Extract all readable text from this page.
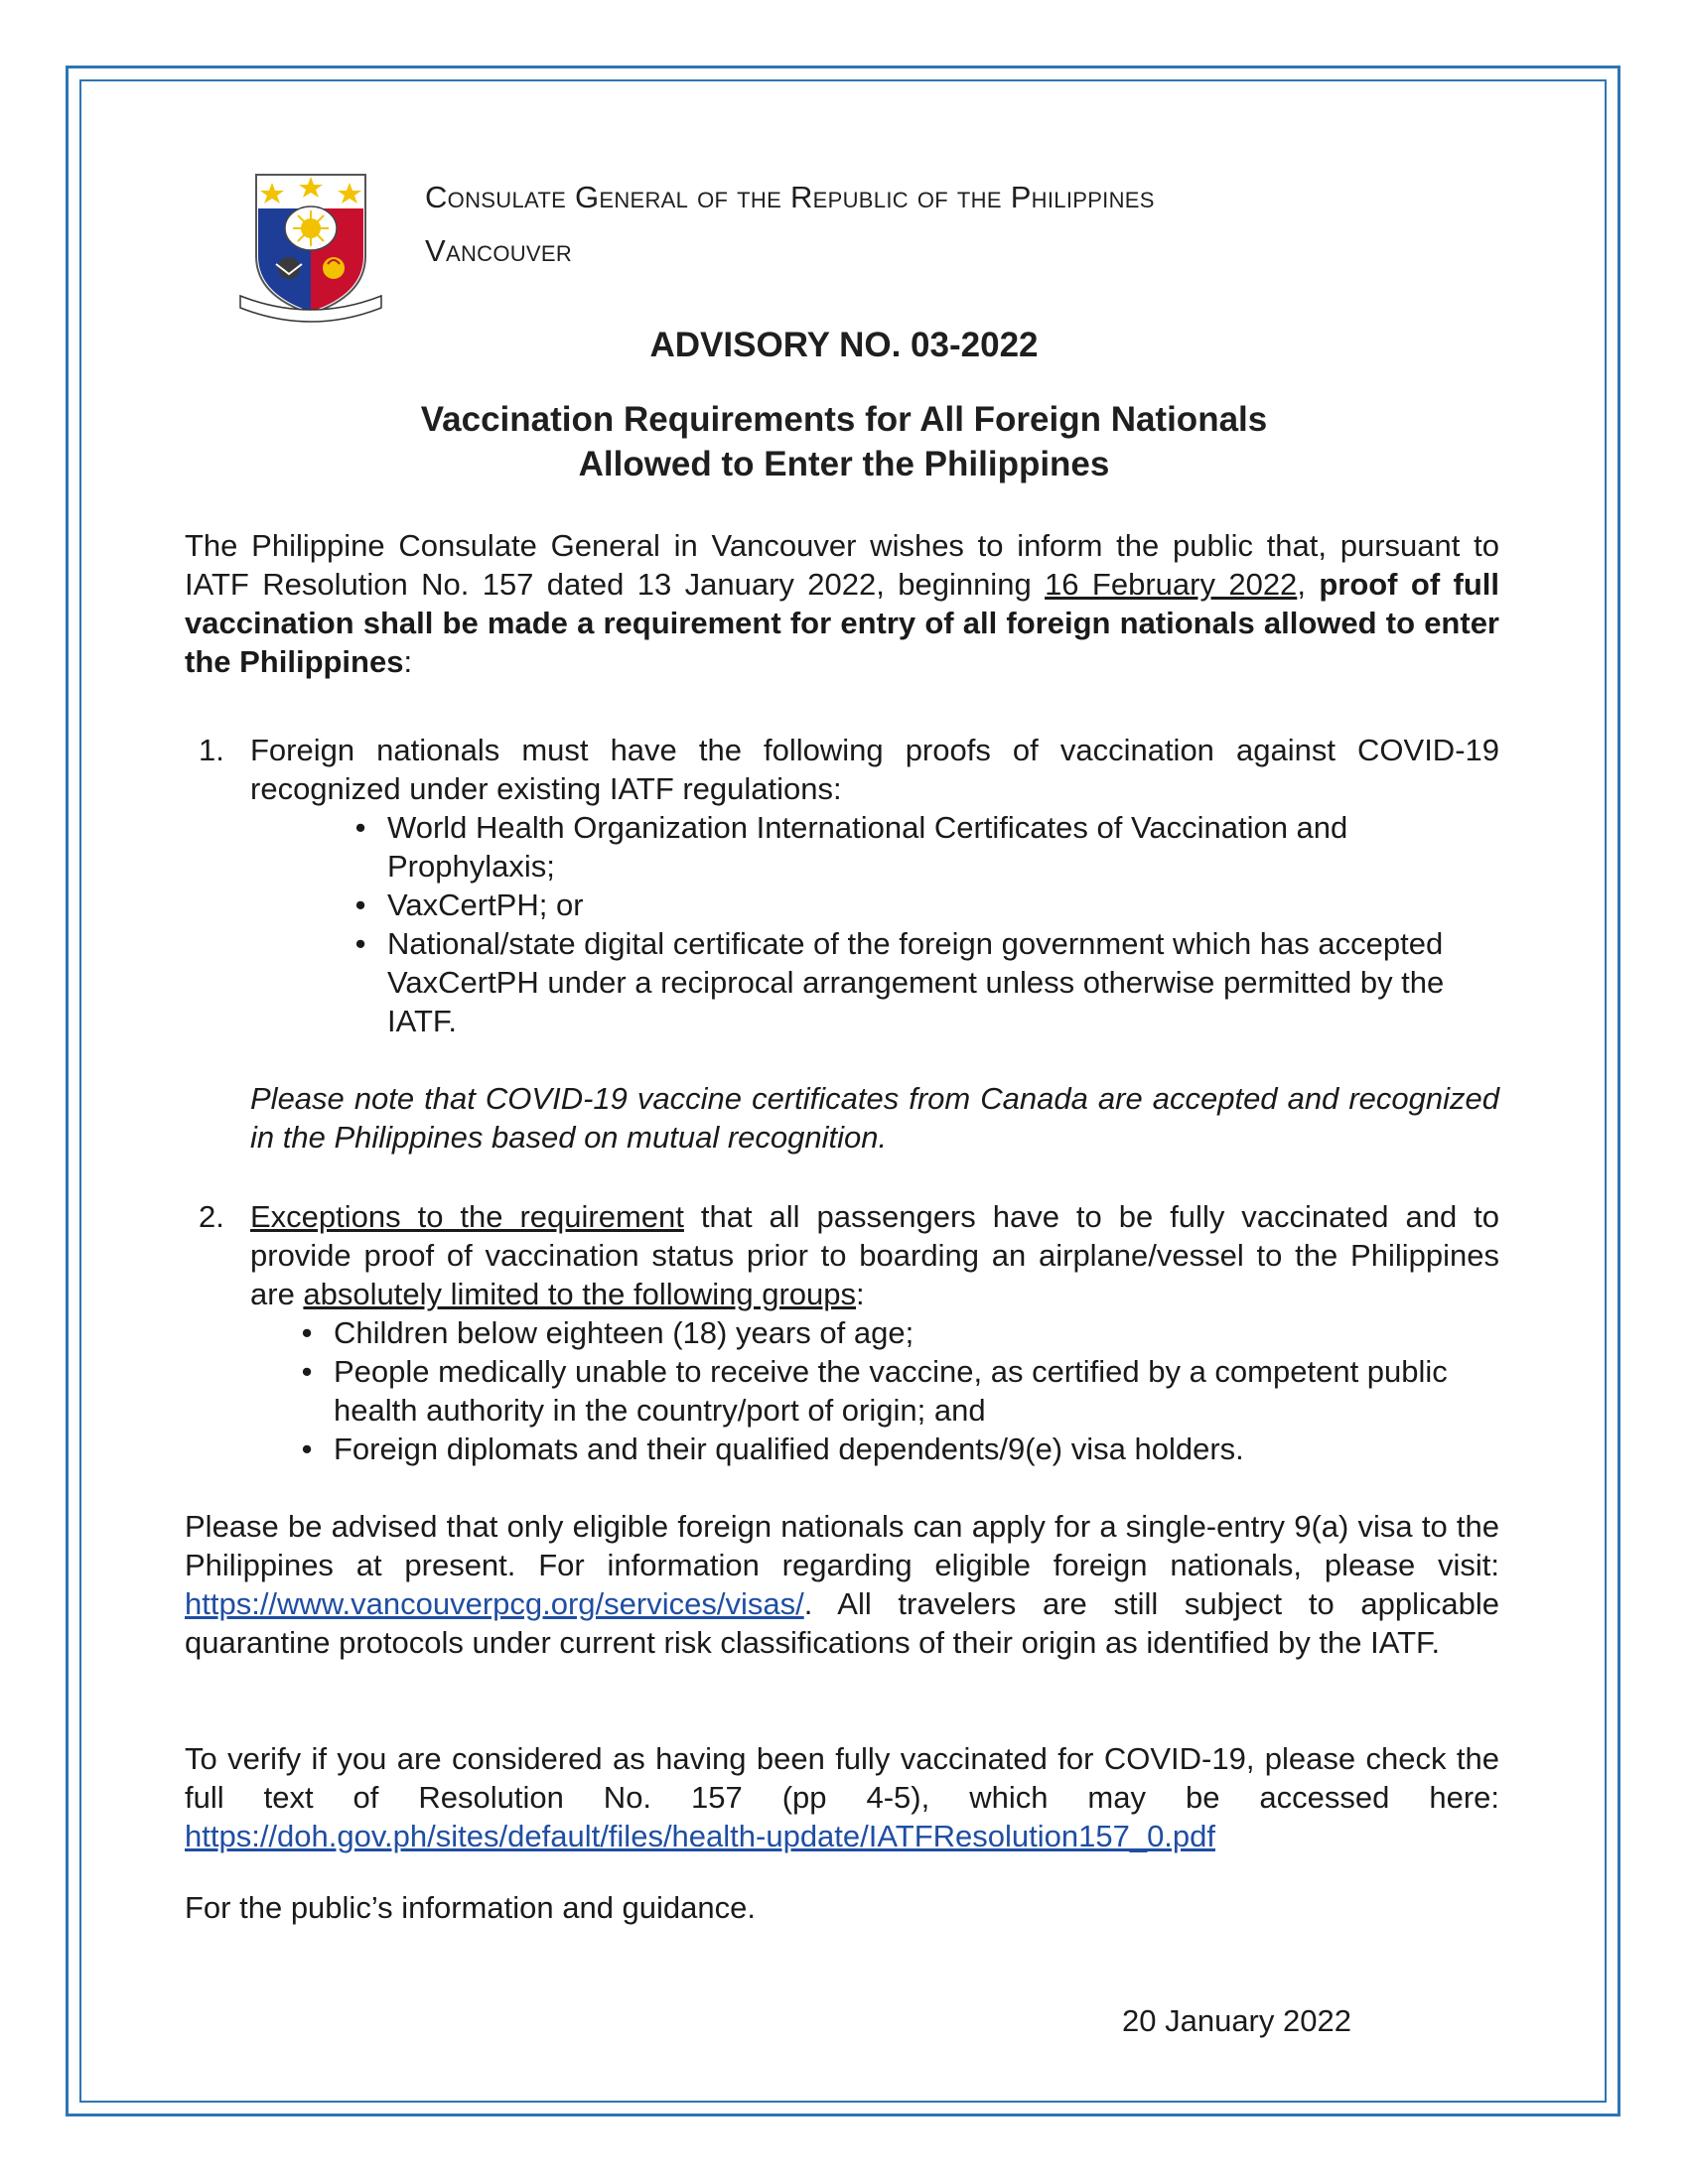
Consulate General of the Republic of the Philippines
Vancouver
ADVISORY NO. 03-2022
Vaccination Requirements for All Foreign Nationals
Allowed to Enter the Philippines
The Philippine Consulate General in Vancouver wishes to inform the public that, pursuant to IATF Resolution No. 157 dated 13 January 2022, beginning 16 February 2022, proof of full vaccination shall be made a requirement for entry of all foreign nationals allowed to enter the Philippines:
1. Foreign nationals must have the following proofs of vaccination against COVID-19 recognized under existing IATF regulations:
• World Health Organization International Certificates of Vaccination and Prophylaxis;
• VaxCertPH; or
• National/state digital certificate of the foreign government which has accepted VaxCertPH under a reciprocal arrangement unless otherwise permitted by the IATF.
Please note that COVID-19 vaccine certificates from Canada are accepted and recognized in the Philippines based on mutual recognition.
2. Exceptions to the requirement that all passengers have to be fully vaccinated and to provide proof of vaccination status prior to boarding an airplane/vessel to the Philippines are absolutely limited to the following groups:
• Children below eighteen (18) years of age;
• People medically unable to receive the vaccine, as certified by a competent public health authority in the country/port of origin; and
• Foreign diplomats and their qualified dependents/9(e) visa holders.
Please be advised that only eligible foreign nationals can apply for a single-entry 9(a) visa to the Philippines at present. For information regarding eligible foreign nationals, please visit: https://www.vancouverpcg.org/services/visas/. All travelers are still subject to applicable quarantine protocols under current risk classifications of their origin as identified by the IATF.
To verify if you are considered as having been fully vaccinated for COVID-19, please check the full text of Resolution No. 157 (pp 4-5), which may be accessed here: https://doh.gov.ph/sites/default/files/health-update/IATFResolution157_0.pdf
For the public’s information and guidance.
20 January 2022
